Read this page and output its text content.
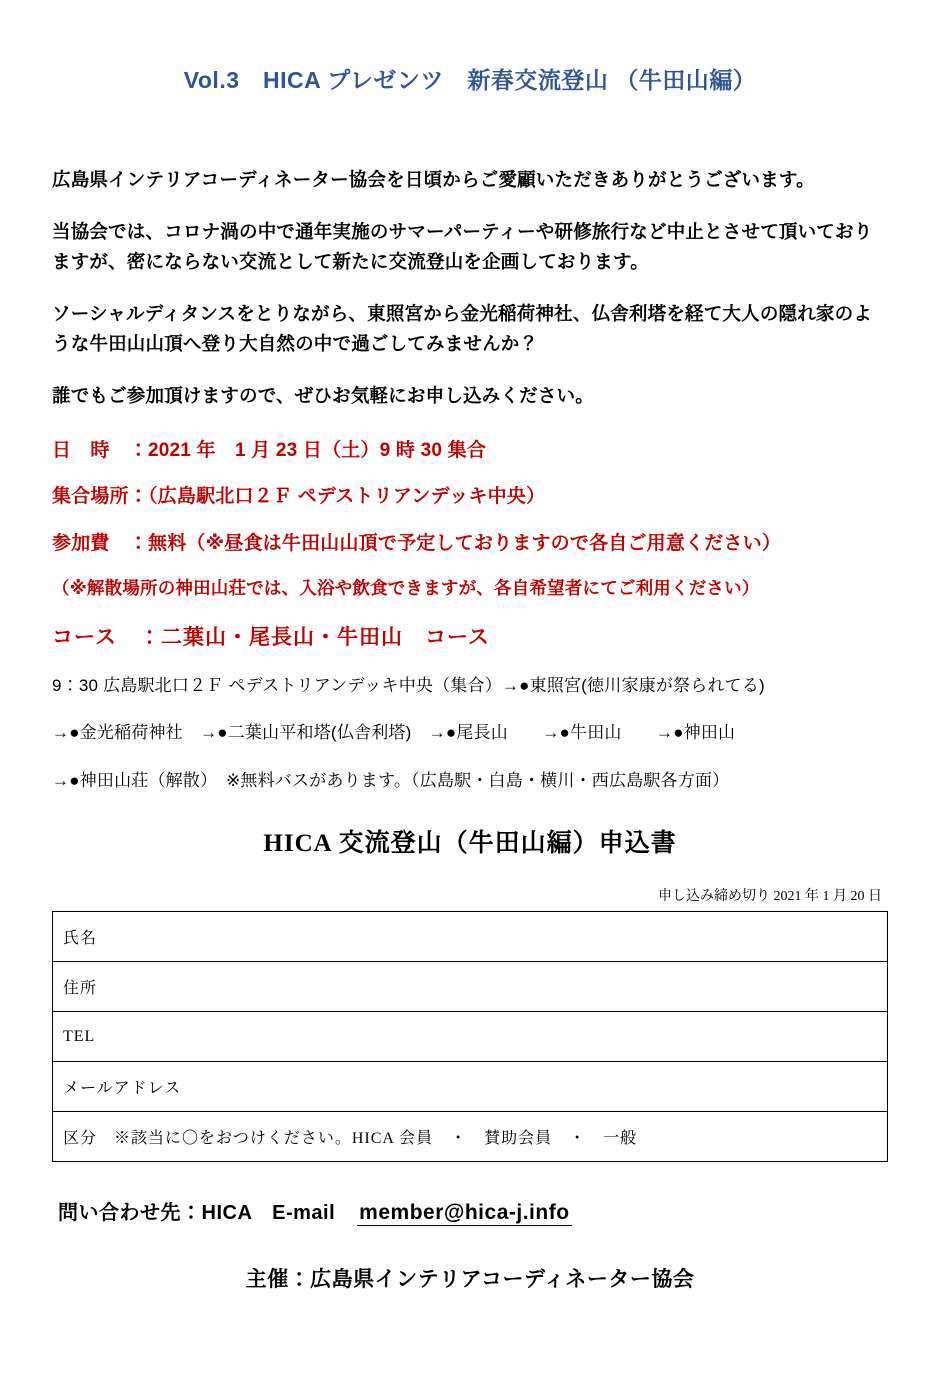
Vol.3　HICA プレゼンツ　新春交流登山 （牛田山編）

広島県インテリアコーディネーター協会を日頃からご愛顧いただきありがとうございます。

当協会では、コロナ渦の中で通年実施のサマーパーティーや研修旅行など中止とさせて頂いておりますが、密にならない交流として新たに交流登山を企画しております。

ソーシャルディタンスをとりながら、東照宮から金光稲荷神社、仏舎利塔を経て大人の隠れ家のような牛田山山頂へ登り大自然の中で過ごしてみませんか？

誰でもご参加頂けますので、ぜひお気軽にお申し込みください。

日　時　：2021 年　1 月 23 日（土）9 時 30 集合

集合場所：（広島駅北口２Ｆ ペデストリアンデッキ中央）

参加費　：無料（※昼食は牛田山山頂で予定しておりますので各自ご用意ください）

（※解散場所の神田山荘では、入浴や飲食できますが、各自希望者にてご利用ください）

コース　：二葉山・尾長山・牛田山　コース

9：30 広島駅北口２Ｆ ペデストリアンデッキ中央（集合）→●東照宮(徳川家康が祭られてる)

→●金光稲荷神社　→●二葉山平和塔(仏舎利塔)　→●尾長山　　→●牛田山　　→●神田山

→●神田山荘（解散）　※無料バスがあります。（広島駅・白島・横川・西広島駅各方面）

HICA 交流登山（牛田山編）申込書
申し込み締め切り 2021 年 1 月 20 日
氏名
住所
TEL
メールアドレス
区分　※該当に〇をおつけください。HICA 会員　・　賛助会員　・　一般
問い合わせ先：HICA　E-mail member@hica-j.info
主催：広島県インテリアコーディネーター協会
